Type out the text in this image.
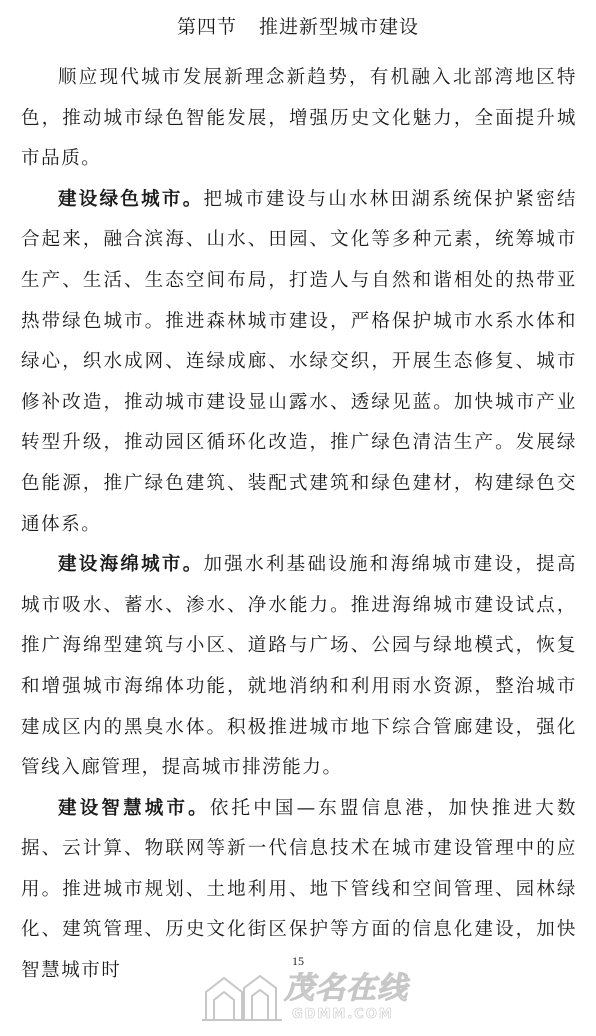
第四节 推进新型城市建设

顺应现代城市发展新理念新趋势，有机融入北部湾地区特色，推动城市绿色智能发展，增强历史文化魅力，全面提升城市品质。

建设绿色城市。把城市建设与山水林田湖系统保护紧密结合起来，融合滨海、山水、田园、文化等多种元素，统筹城市生产、生活、生态空间布局，打造人与自然和谐相处的热带亚热带绿色城市。推进森林城市建设，严格保护城市水系水体和绿心，织水成网、连绿成廊、水绿交织，开展生态修复、城市修补改造，推动城市建设显山露水、透绿见蓝。加快城市产业转型升级，推动园区循环化改造，推广绿色清洁生产。发展绿色能源，推广绿色建筑、装配式建筑和绿色建材，构建绿色交通体系。

建设海绵城市。加强水利基础设施和海绵城市建设，提高城市吸水、蓄水、渗水、净水能力。推进海绵城市建设试点，推广海绵型建筑与小区、道路与广场、公园与绿地模式，恢复和增强城市海绵体功能，就地消纳和利用雨水资源，整治城市建成区内的黑臭水体。积极推进城市地下综合管廊建设，强化管线入廊管理，提高城市排涝能力。

建设智慧城市。依托中国—东盟信息港，加快推进大数据、云计算、物联网等新一代信息技术在城市建设管理中的应用。推进城市规划、土地利用、地下管线和空间管理、园林绿化、建筑管理、历史文化街区保护等方面的信息化建设，加快智慧城市时	15
茂名在线
GDMM.COM
